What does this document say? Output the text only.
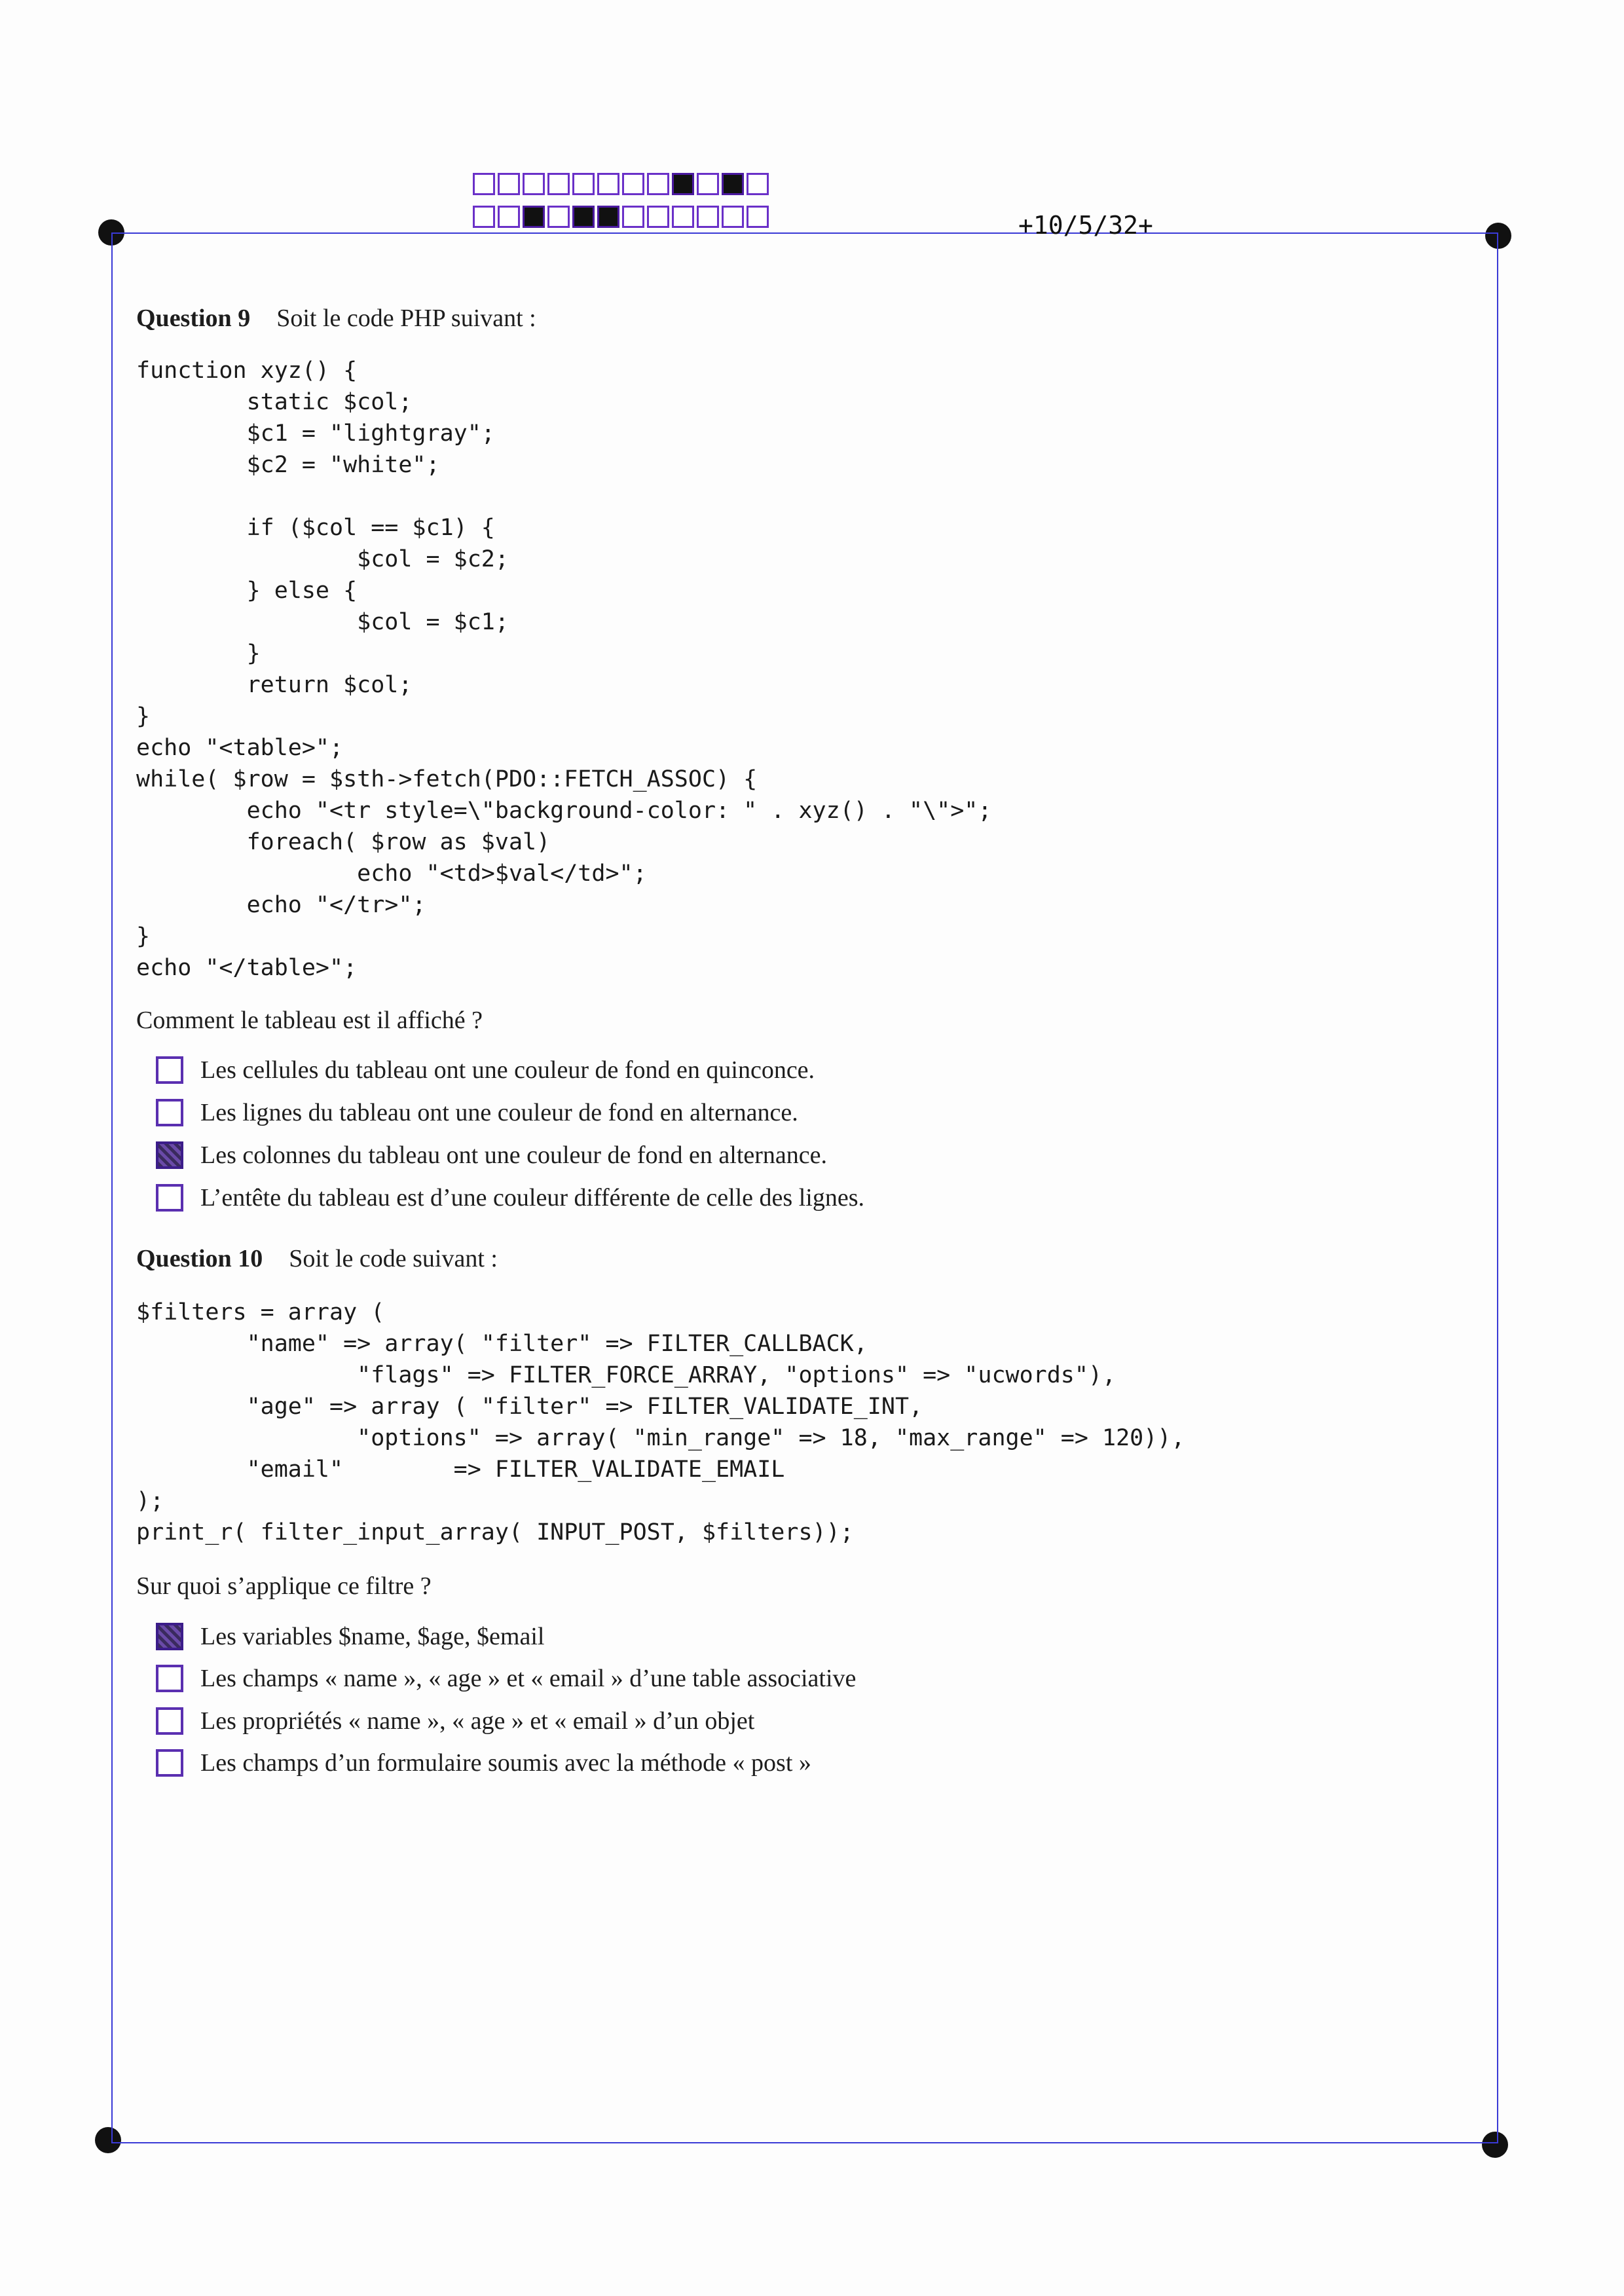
+10/5/32+
Question 9 Soit le code PHP suivant :
function xyz() {
static $col;
$c1 = "lightgray";
$c2 = "white";

if ($col == $c1) {
$col = $c2;
} else {
$col = $c1;
}
return $col;
}
echo "<table>";
while( $row = $sth->fetch(PDO::FETCH_ASSOC) {
echo "<tr style=\"background-color: " . xyz() . "\">";
foreach( $row as $val)
echo "<td>$val</td>";
echo "</tr>";
}
echo "</table>";
Comment le tableau est il affiché ?
Les cellules du tableau ont une couleur de fond en quinconce.
Les lignes du tableau ont une couleur de fond en alternance.
Les colonnes du tableau ont une couleur de fond en alternance.
L’entête du tableau est d’une couleur différente de celle des lignes.
Question 10 Soit le code suivant :
$filters = array (
"name" => array( "filter" => FILTER_CALLBACK,
"flags" => FILTER_FORCE_ARRAY, "options" => "ucwords"),
"age" => array ( "filter" => FILTER_VALIDATE_INT,
"options" => array( "min_range" => 18, "max_range" => 120)),
"email"        => FILTER_VALIDATE_EMAIL
);
print_r( filter_input_array( INPUT_POST, $filters));
Sur quoi s’applique ce filtre ?
Les variables $name, $age, $email
Les champs « name », « age » et « email » d’une table associative
Les propriétés « name », « age » et « email » d’un objet
Les champs d’un formulaire soumis avec la méthode « post »
